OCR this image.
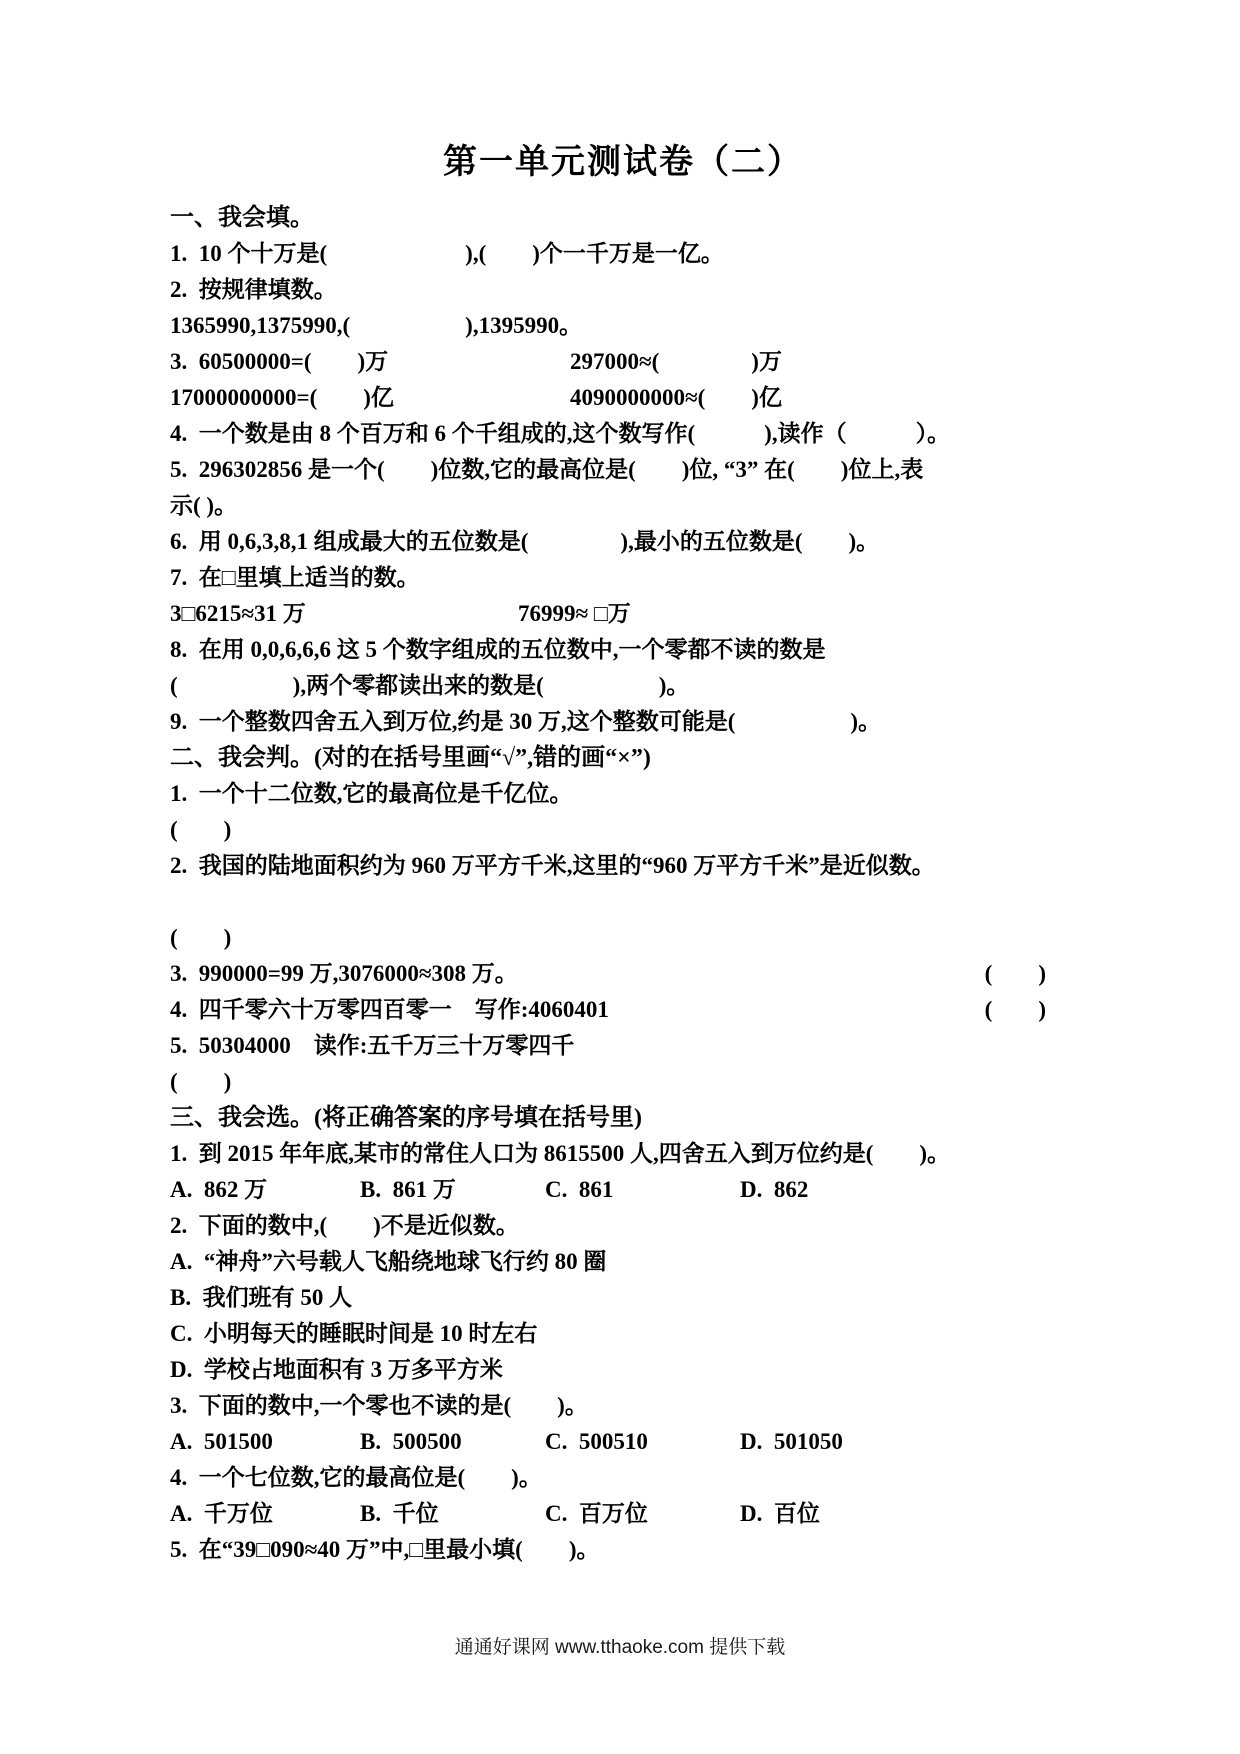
第一单元测试卷（二）
一、我会填。
1.  10 个十万是(　　　　　　),(　　)个一千万是一亿。
2.  按规律填数。
1365990,1375990,(　　　　　),1395990。
3.  60500000=(　　)万	297000≈(　　　　)万
17000000000=(　　)亿	4090000000≈(　　)亿
4.  一个数是由 8 个百万和 6 个千组成的,这个数写作(　　　),读作（　　　）。
5.  296302856 是一个(　　)位数,它的最高位是(　　)位, “3” 在(　　)位上,表
示( )。
6.  用 0,6,3,8,1 组成最大的五位数是(　　　　),最小的五位数是(　　)。
7.  在□里填上适当的数。
3□6215≈31 万	76999≈ □万
8.  在用 0,0,6,6,6 这 5 个数字组成的五位数中,一个零都不读的数是
(　　　　　),两个零都读出来的数是(　　　　　)。
9.  一个整数四舍五入到万位,约是 30 万,这个整数可能是(　　　　　)。
二、我会判。(对的在括号里画“√”,错的画“×”)
1.  一个十二位数,它的最高位是千亿位。
(　　)
2.  我国的陆地面积约为 960 万平方千米,这里的“960 万平方千米”是近似数。
(　　)
3.  990000=99 万,3076000≈308 万。	(　　)
4.  四千零六十万零四百零一　写作:4060401	(　　)
5.  50304000　读作:五千万三十万零四千
(　　)
三、我会选。(将正确答案的序号填在括号里)
1.  到 2015 年年底,某市的常住人口为 8615500 人,四舍五入到万位约是(　　)。
A.  862 万	B.  861 万	C.  861	D.  862
2.  下面的数中,(　　)不是近似数。
A.  “神舟”六号载人飞船绕地球飞行约 80 圈
B.  我们班有 50 人
C.  小明每天的睡眠时间是 10 时左右
D.  学校占地面积有 3 万多平方米
3.  下面的数中,一个零也不读的是(　　)。
A.  501500	B.  500500	C.  500510	D.  501050
4.  一个七位数,它的最高位是(　　)。
A.  千万位	B.  千位	C.  百万位	D.  百位
5.  在“39□090≈40 万”中,□里最小填(　　)。
通通好课网 www.tthaoke.com 提供下载
